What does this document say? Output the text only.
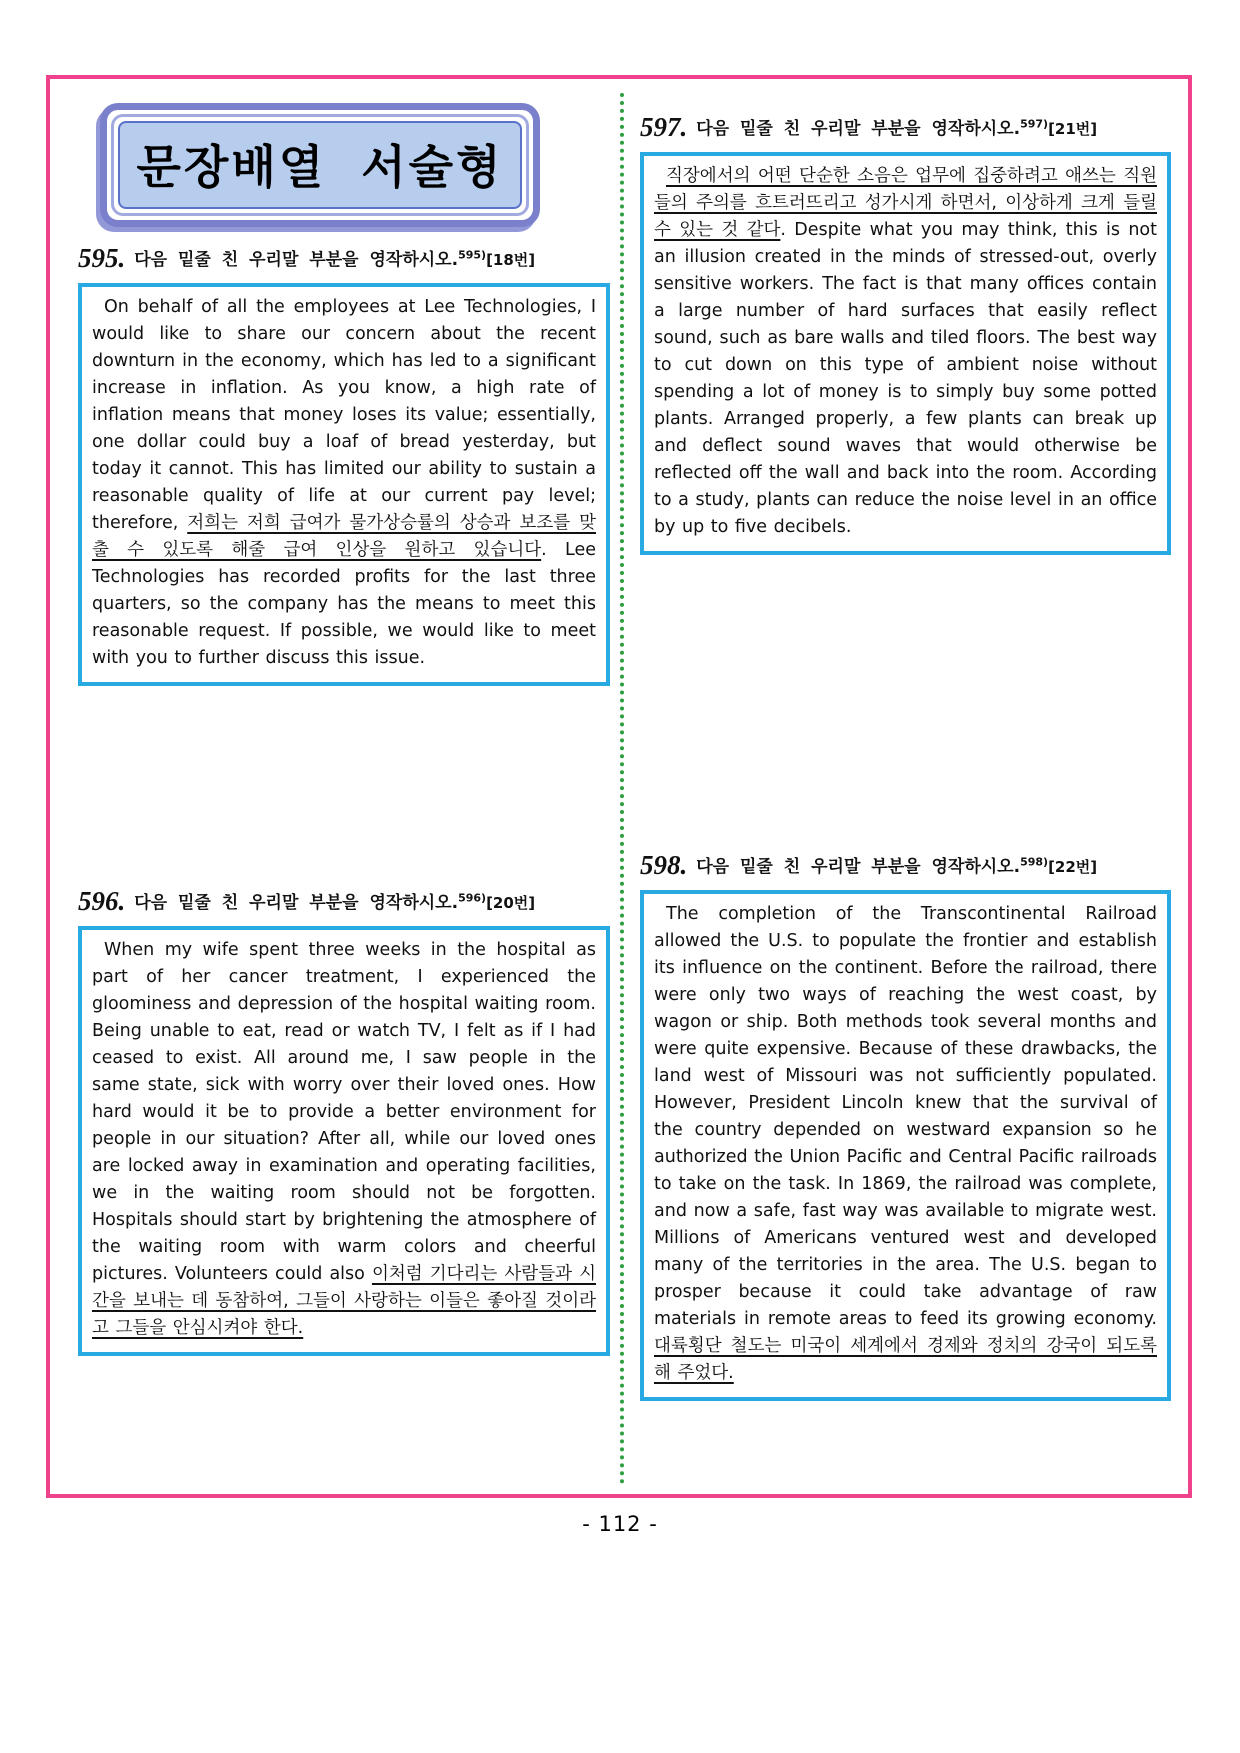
문장배열 서술형
595. 다음 밑줄 친 우리말 부분을 영작하시오.$^{595)}$[18번]

On behalf of all the employees at Lee Technologies, I would like to share our concern about the recent downturn in the economy, which has led to a significant increase in inflation. As you know, a high rate of inflation means that money loses its value; essentially, one dollar could buy a loaf of bread yesterday, but today it cannot. This has limited our ability to sustain a reasonable quality of life at our current pay level; therefore, 저희는 저희 급여가 물가상승률의 상승과 보조를 맞출 수 있도록 해줄 급여 인상을 원하고 있습니다. Lee Technologies has recorded profits for the last three quarters, so the company has the means to meet this reasonable request. If possible, we would like to meet with you to further discuss this issue.

596. 다음 밑줄 친 우리말 부분을 영작하시오.$^{596)}$[20번]

When my wife spent three weeks in the hospital as part of her cancer treatment, I experienced the gloominess and depression of the hospital waiting room. Being unable to eat, read or watch TV, I felt as if I had ceased to exist. All around me, I saw people in the same state, sick with worry over their loved ones. How hard would it be to provide a better environment for people in our situation? After all, while our loved ones are locked away in examination and operating facilities, we in the waiting room should not be forgotten. Hospitals should start by brightening the atmosphere of the waiting room with warm colors and cheerful pictures. Volunteers could also 이처럼 기다리는 사람들과 시간을 보내는 데 동참하여, 그들이 사랑하는 이들은 좋아질 것이라고 그들을 안심시켜야 한다.

597. 다음 밑줄 친 우리말 부분을 영작하시오.$^{597)}$[21번]

직장에서의 어떤 단순한 소음은 업무에 집중하려고 애쓰는 직원들의 주의를 흐트러뜨리고 성가시게 하면서, 이상하게 크게 들릴 수 있는 것 같다. Despite what you may think, this is not an illusion created in the minds of stressed-out, overly sensitive workers. The fact is that many offices contain a large number of hard surfaces that easily reflect sound, such as bare walls and tiled floors. The best way to cut down on this type of ambient noise without spending a lot of money is to simply buy some potted plants. Arranged properly, a few plants can break up and deflect sound waves that would otherwise be reflected off the wall and back into the room. According to a study, plants can reduce the noise level in an office by up to five decibels.

598. 다음 밑줄 친 우리말 부분을 영작하시오.$^{598)}$[22번]

The completion of the Transcontinental Railroad allowed the U.S. to populate the frontier and establish its influence on the continent. Before the railroad, there were only two ways of reaching the west coast, by wagon or ship. Both methods took several months and were quite expensive. Because of these drawbacks, the land west of Missouri was not sufficiently populated. However, President Lincoln knew that the survival of the country depended on westward expansion so he authorized the Union Pacific and Central Pacific railroads to take on the task. In 1869, the railroad was complete, and now a safe, fast way was available to migrate west. Millions of Americans ventured west and developed many of the territories in the area. The U.S. began to prosper because it could take advantage of raw materials in remote areas to feed its growing economy. 대륙횡단 철도는 미국이 세계에서 경제와 정치의 강국이 되도록 해 주었다.

- 112 -
